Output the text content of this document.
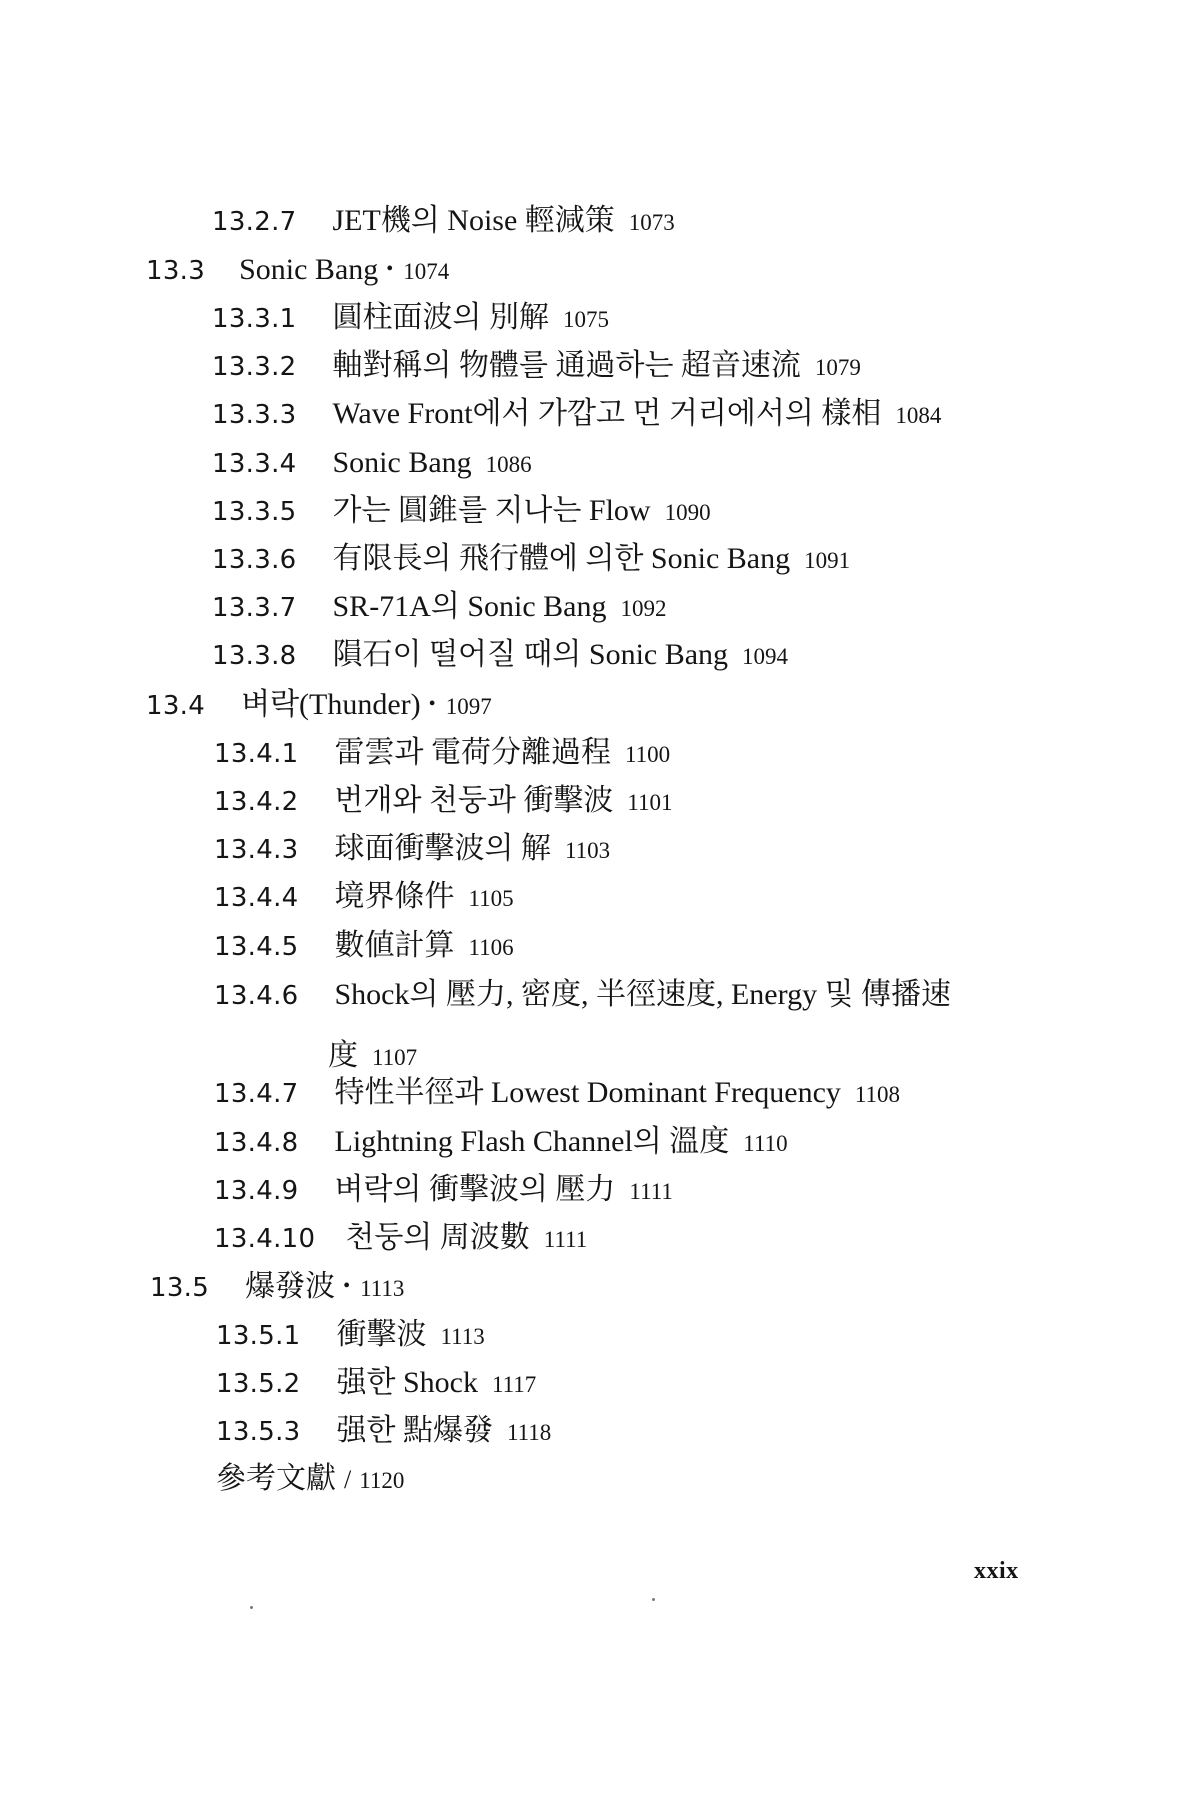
13.2.7 JET機의 Noise 輕減策 1073
13.3 Sonic Bang • 1074
13.3.1 圓柱面波의 別解 1075
13.3.2 軸對稱의 物體를 通過하는 超音速流 1079
13.3.3 Wave Front에서 가깝고 먼 거리에서의 樣相 1084
13.3.4 Sonic Bang 1086
13.3.5 가는 圓錐를 지나는 Flow 1090
13.3.6 有限長의 飛行體에 의한 Sonic Bang 1091
13.3.7 SR-71A의 Sonic Bang 1092
13.3.8 隕石이 떨어질 때의 Sonic Bang 1094
13.4 벼락(Thunder) • 1097
13.4.1 雷雲과 電荷分離過程 1100
13.4.2 번개와 천둥과 衝擊波 1101
13.4.3 球面衝擊波의 解 1103
13.4.4 境界條件 1105
13.4.5 數値計算 1106
13.4.6 Shock의 壓力, 密度, 半徑速度, Energy 및 傳播速
度 1107
13.4.7 特性半徑과 Lowest Dominant Frequency 1108
13.4.8 Lightning Flash Channel의 溫度 1110
13.4.9 벼락의 衝擊波의 壓力 1111
13.4.10 천둥의 周波數 1111
13.5 爆發波 • 1113
13.5.1 衝擊波 1113
13.5.2 强한 Shock 1117
13.5.3 强한 點爆發 1118
參考文獻 / 1120
xxix
